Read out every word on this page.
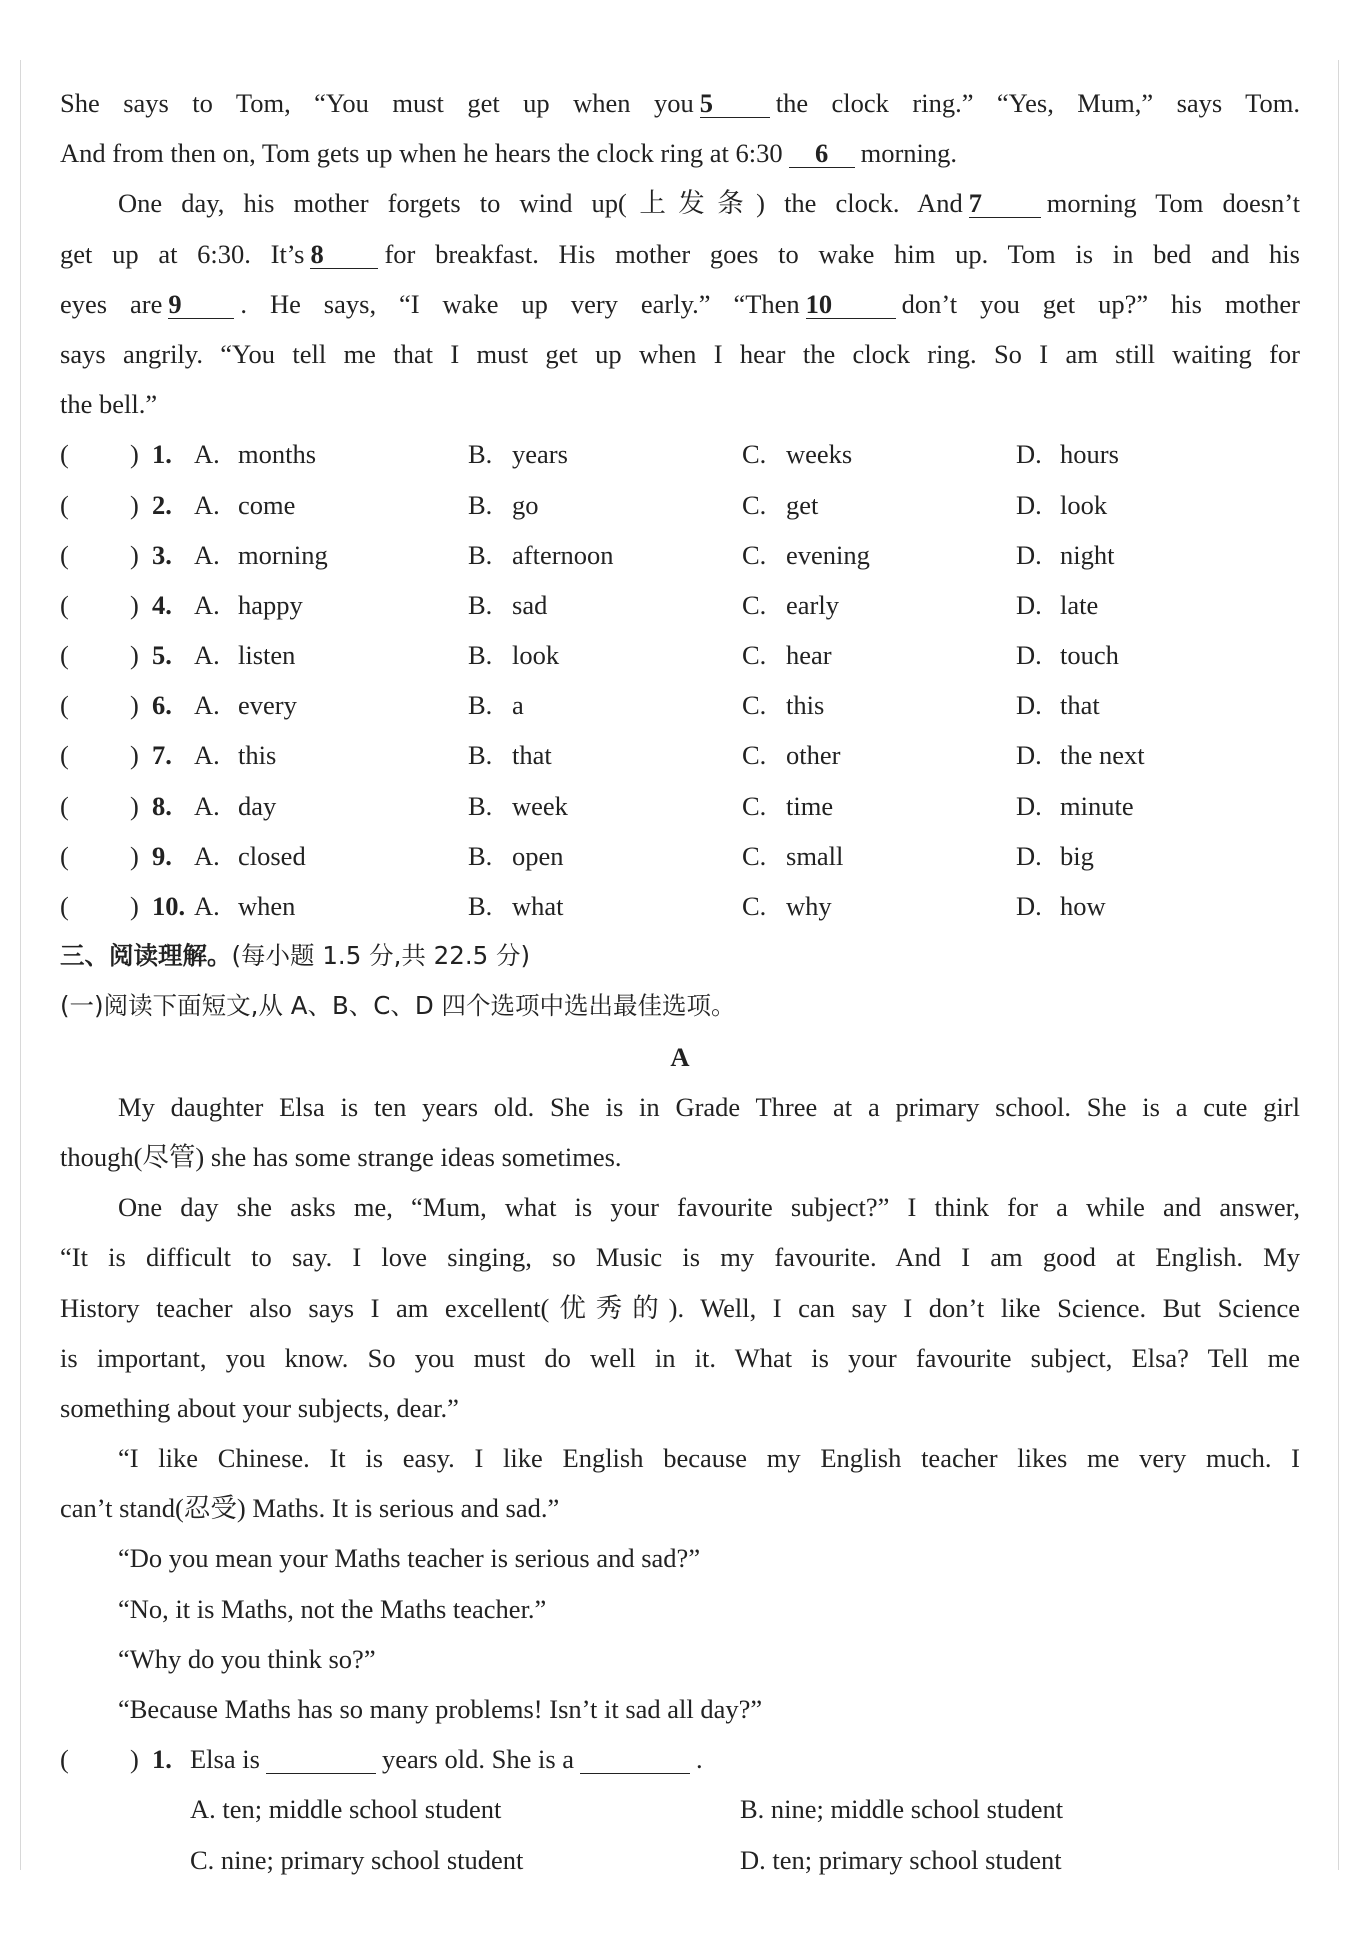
She says to Tom, “You must get up when you 5 the clock ring.” “Yes, Mum,” says Tom.
And from then on, Tom gets up when he hears the clock ring at 6:30 6 morning.
One day, his mother forgets to wind up(上发条) the clock. And 7 morning Tom doesn’t
get up at 6:30. It’s 8 for breakfast. His mother goes to wake him up. Tom is in bed and his
eyes are 9 . He says, “I wake up very early.” “Then 10	don’t you get up?” his mother
says angrily. “You tell me that I must get up when I hear the clock ring. So I am still waiting for
the bell.”
( ) 1. A. months	B. years	C. weeks	D. hours
( ) 2. A. come	B. go	C. get	D. look
( ) 3. A. morning	B. afternoon	C. evening	D. night
( ) 4. A. happy	B. sad	C. early	D. late
( ) 5. A. listen	B. look	C. hear	D. touch
( ) 6. A. every	B. a	C. this	D. that
( ) 7. A. this	B. that	C. other	D. the next
( ) 8. A. day	B. week	C. time	D. minute
( ) 9. A. closed	B. open	C. small	D. big
( ) 10. A. when	B. what	C. why	D. how
三、阅读理解。(每小题 1.5 分,共 22.5 分)
(一)阅读下面短文,从 A、B、C、D 四个选项中选出最佳选项。
A
My daughter Elsa is ten years old. She is in Grade Three at a primary school. She is a cute girl
though(尽管) she has some strange ideas sometimes.
One day she asks me, “Mum, what is your favourite subject?” I think for a while and answer,
“It is difficult to say. I love singing, so Music is my favourite. And I am good at English. My
History teacher also says I am excellent(优秀的). Well, I can say I don’t like Science. But Science
is important, you know. So you must do well in it. What is your favourite subject, Elsa? Tell me
something about your subjects, dear.”
“I like Chinese. It is easy. I like English because my English teacher likes me very much. I
can’t stand(忍受) Maths. It is serious and sad.”
“Do you mean your Maths teacher is serious and sad?”
“No, it is Maths, not the Maths teacher.”
“Why do you think so?”
“Because Maths has so many problems! Isn’t it sad all day?”
( ) 1. Elsa is	years old. She is a	.
A. ten; middle school student	B. nine; middle school student
C. nine; primary school student	D. ten; primary school student
